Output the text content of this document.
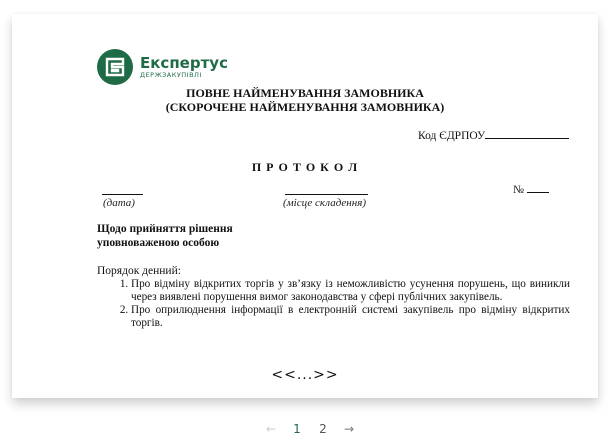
Експертус
ДЕРЖЗАКУПІВЛІ
ПОВНЕ НАЙМЕНУВАННЯ ЗАМОВНИКА
(СКОРОЧЕНЕ НАЙМЕНУВАННЯ ЗАМОВНИКА)
Код ЄДРПОУ
П Р О Т О К О Л
№
(дата)	(місце складення)
Щодо прийняття рішення
уповноваженою особою
Порядок денний:
1. Про відміну відкритих торгів у зв’язку із неможливістю усунення порушень, що виникли через виявлені порушення вимог законодавства у сфері публічних закупівель.
2. Про оприлюднення інформації в електронній системі закупівель про відміну відкритих торгів.
<<...>>
←	1	2	→
